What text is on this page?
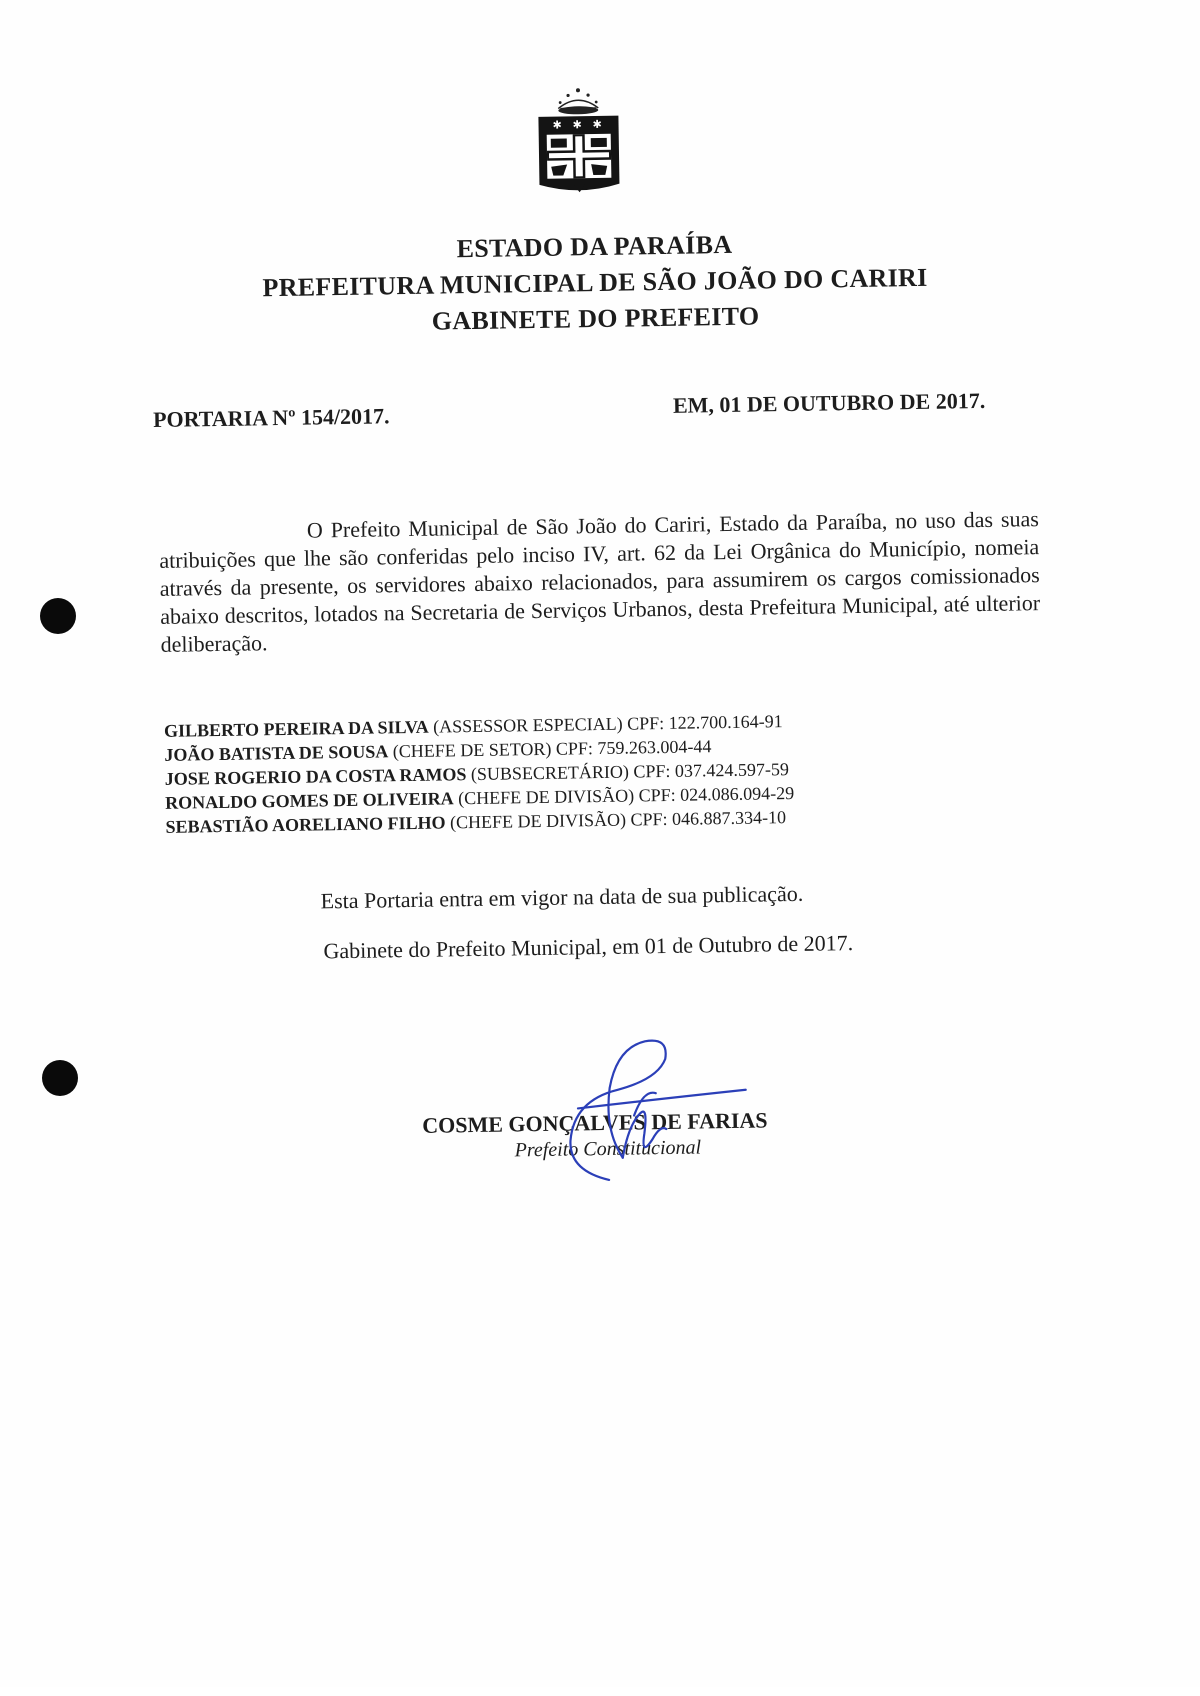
✱ ✱ ✱
ESTADO DA PARAÍBA
PREFEITURA MUNICIPAL DE SÃO JOÃO DO CARIRI
GABINETE DO PREFEITO
PORTARIA Nº 154/2017.	EM, 01 DE OUTUBRO DE 2017.
O Prefeito Municipal de São João do Cariri, Estado da Paraíba, no uso das suas atribuições que lhe são conferidas pelo inciso IV, art. 62 da Lei Orgânica do Município, nomeia através da presente, os servidores abaixo relacionados, para assumirem os cargos comissionados abaixo descritos, lotados na Secretaria de Serviços Urbanos, desta Prefeitura Municipal, até ulterior deliberação.
GILBERTO PEREIRA DA SILVA (ASSESSOR ESPECIAL) CPF: 122.700.164-91
JOÃO BATISTA DE SOUSA (CHEFE DE SETOR) CPF: 759.263.004-44
JOSE ROGERIO DA COSTA RAMOS (SUBSECRETÁRIO) CPF: 037.424.597-59
RONALDO GOMES DE OLIVEIRA (CHEFE DE DIVISÃO) CPF: 024.086.094-29
SEBASTIÃO AORELIANO FILHO (CHEFE DE DIVISÃO) CPF: 046.887.334-10
Esta Portaria entra em vigor na data de sua publicação.
Gabinete do Prefeito Municipal, em 01 de Outubro de 2017.
COSME GONÇALVES DE FARIAS
Prefeito Constitucional
